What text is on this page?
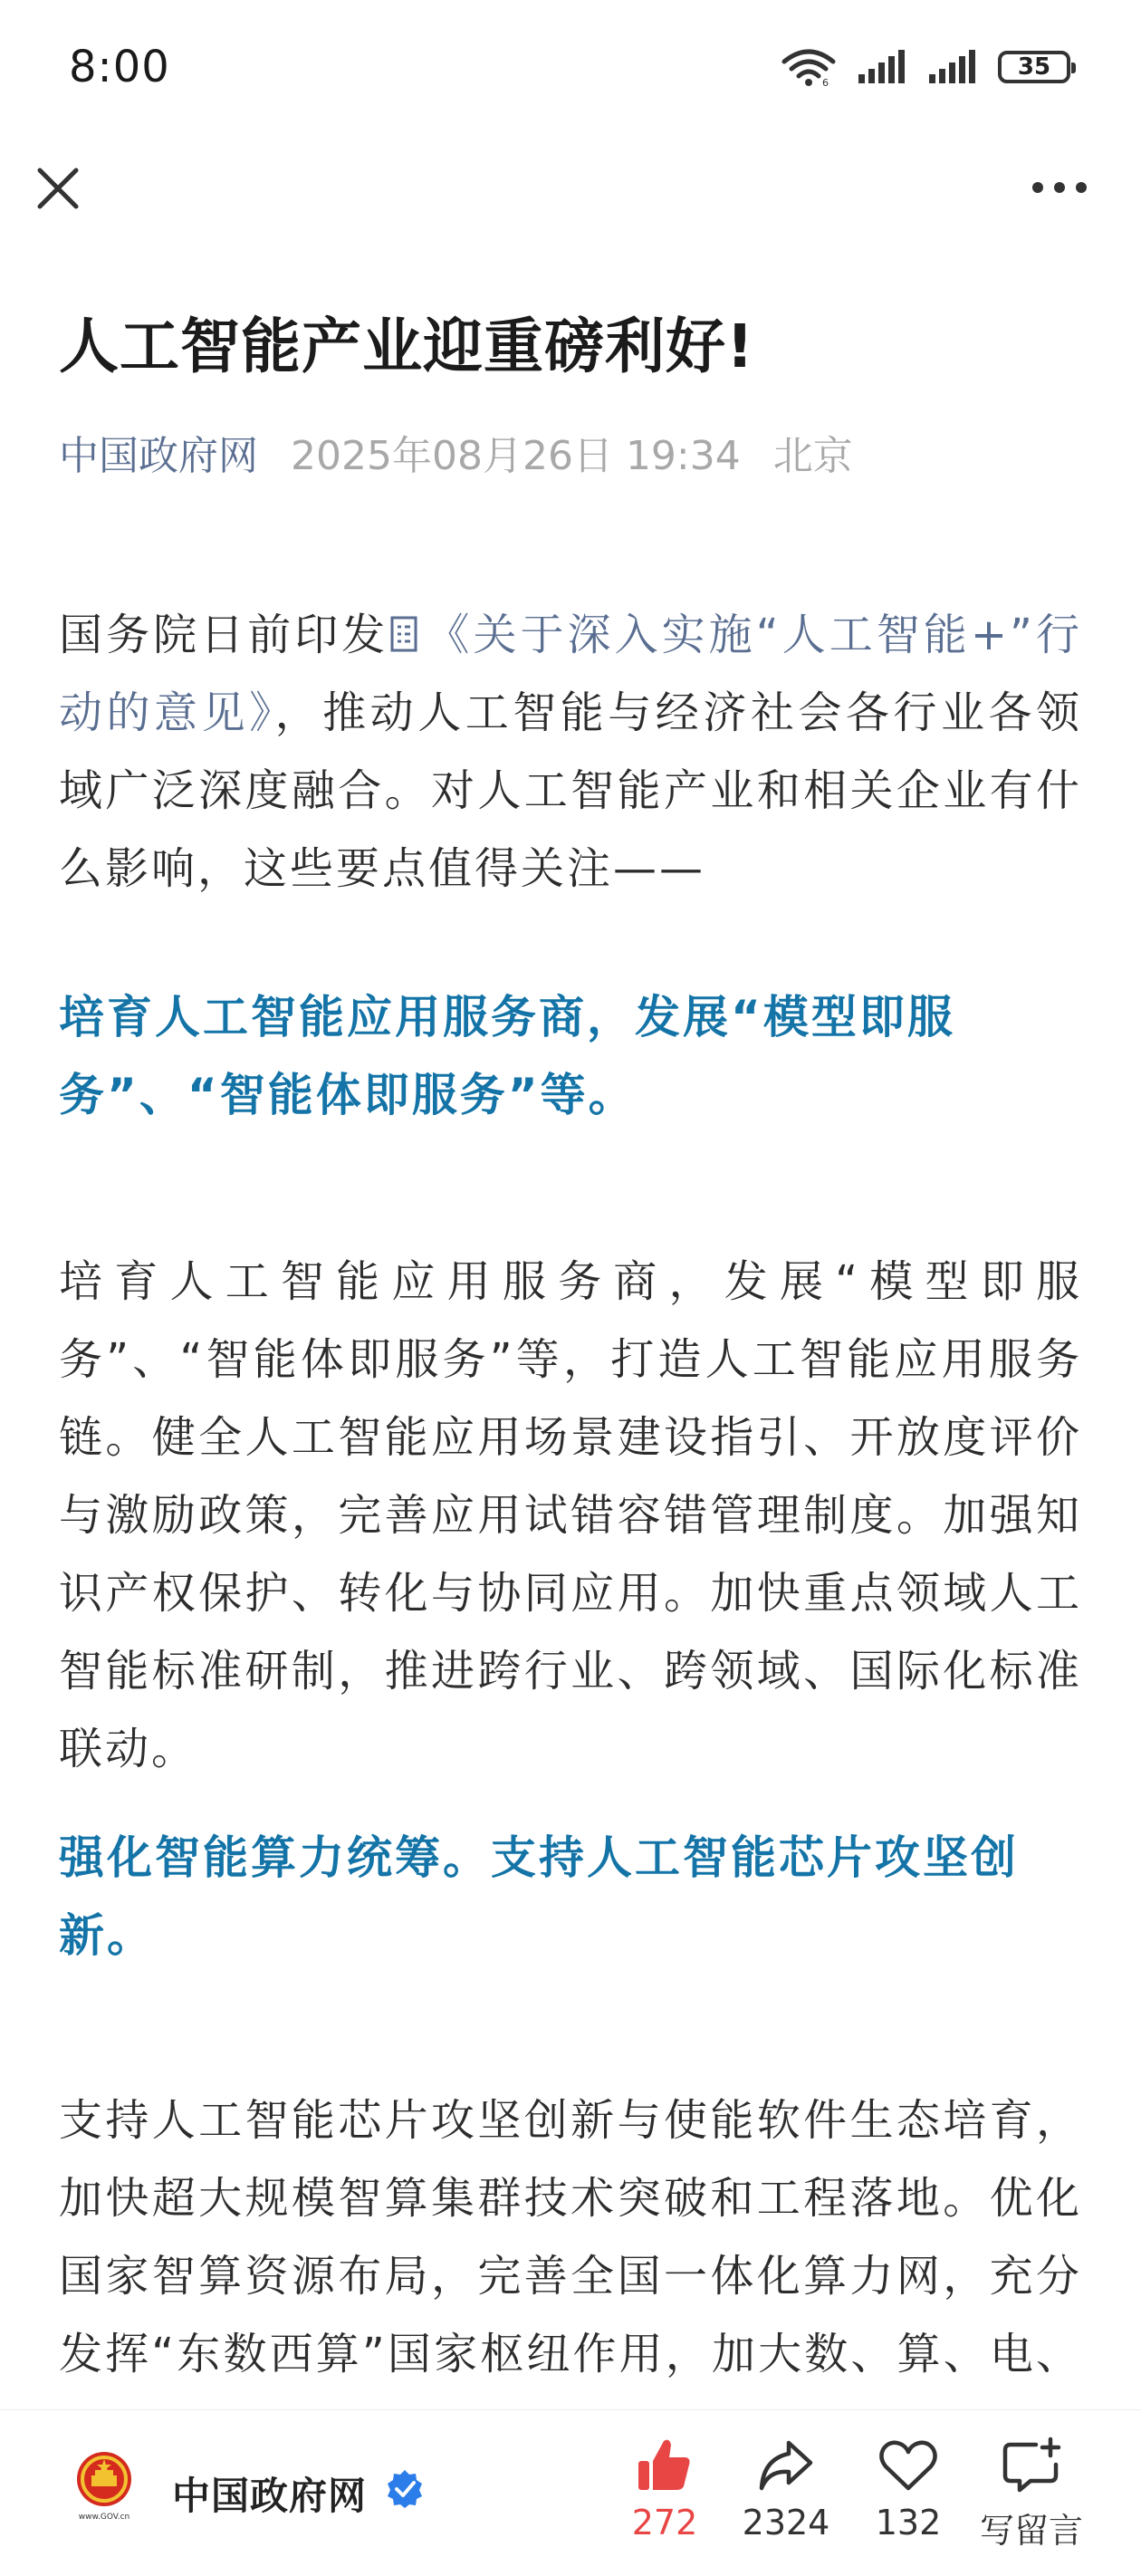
8:00	6
35
人工智能产业迎重磅利好!
中国政府网 2025年08月26日 19:34 北京

国务院日前印发 《关于深入实施“人工智能+”行动的意见》，推动人工智能与经济社会各行业各领域广泛深度融合。对人工智能产业和相关企业有什么影响，这些要点值得关注——

培育人工智能应用服务商，发展“模型即服务”、“智能体即服务”等。

培育人工智能应用服务商，发展“模型即服务”、“智能体即服务”等，打造人工智能应用服务链。健全人工智能应用场景建设指引、开放度评价与激励政策，完善应用试错容错管理制度。加强知识产权保护、转化与协同应用。加快重点领域人工智能标准研制，推进跨行业、跨领域、国际化标准联动。

强化智能算力统筹。支持人工智能芯片攻坚创新。

支持人工智能芯片攻坚创新与使能软件生态培育，加快超大规模智算集群技术突破和工程落地。优化国家智算资源布局，完善全国一体化算力网，充分发挥“东数西算”国家枢纽作用，加大数、算、电、

www.GOV.cn 中国政府网
272 2324 132 写留言
